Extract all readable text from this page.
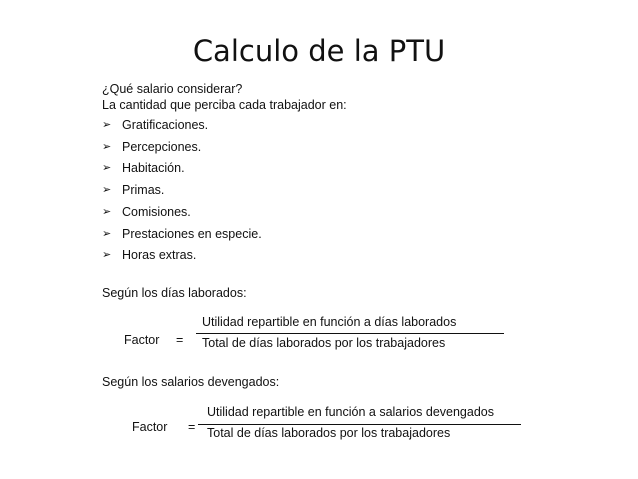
Calculo de la PTU
¿Qué salario considerar?
La cantidad que perciba cada trabajador en:
➢ Gratificaciones.
➢ Percepciones.
➢ Habitación.
➢ Primas.
➢ Comisiones.
➢ Prestaciones en especie.
➢ Horas extras.
Según los días laborados:
Factor =
Utilidad repartible en función a días laborados
Total de días laborados por los trabajadores
Según los salarios devengados:
Factor =
Utilidad repartible en función a salarios devengados
Total de días laborados por los trabajadores
